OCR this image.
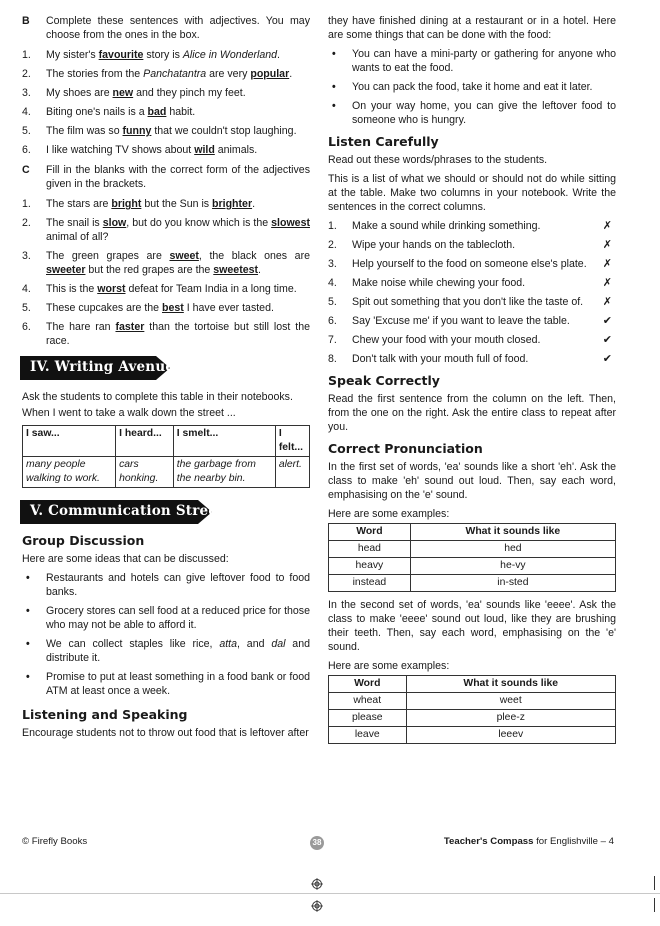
B Complete these sentences with adjectives. You may choose from the ones in the box.
1. My sister's favourite story is Alice in Wonderland.
2. The stories from the Panchatantra are very popular.
3. My shoes are new and they pinch my feet.
4. Biting one's nails is a bad habit.
5. The film was so funny that we couldn't stop laughing.
6. I like watching TV shows about wild animals.
C Fill in the blanks with the correct form of the adjectives given in the brackets.
1. The stars are bright but the Sun is brighter.
2. The snail is slow, but do you know which is the slowest animal of all?
3. The green grapes are sweet, the black ones are sweeter but the red grapes are the sweetest.
4. This is the worst defeat for Team India in a long time.
5. These cupcakes are the best I have ever tasted.
6. The hare ran faster than the tortoise but still lost the race.
IV. Writing Avenue
Ask the students to complete this table in their notebooks.
When I went to take a walk down the street ...
I saw...	I heard...	I smelt...	I felt...
many people walking to work.	cars honking.	the garbage from the nearby bin.	alert.
V. Communication Street
Group Discussion
Here are some ideas that can be discussed:
• Restaurants and hotels can give leftover food to food banks.
• Grocery stores can sell food at a reduced price for those who may not be able to afford it.
• We can collect staples like rice, atta, and dal and distribute it.
• Promise to put at least something in a food bank or food ATM at least once a week.
Listening and Speaking
Encourage students not to throw out food that is leftover after
they have finished dining at a restaurant or in a hotel. Here are some things that can be done with the food:
• You can have a mini-party or gathering for anyone who wants to eat the food.
• You can pack the food, take it home and eat it later.
• On your way home, you can give the leftover food to someone who is hungry.
Listen Carefully
Read out these words/phrases to the students.
This is a list of what we should or should not do while sitting at the table. Make two columns in your notebook. Write the sentences in the correct columns.
1. Make a sound while drinking something.	✗
2. Wipe your hands on the tablecloth.	✗
3. Help yourself to the food on someone else's plate. ✗
4. Make noise while chewing your food.	✗
5. Spit out something that you don't like the taste of. ✗
6. Say 'Excuse me' if you want to leave the table.	✔
7. Chew your food with your mouth closed.	✔
8. Don't talk with your mouth full of food.	✔
Speak Correctly
Read the first sentence from the column on the left. Then, from the one on the right. Ask the entire class to repeat after you.
Correct Pronunciation
In the first set of words, 'ea' sounds like a short 'eh'. Ask the class to make 'eh' sound out loud. Then, say each word, emphasising on the 'e' sound.
Here are some examples:
Word	What it sounds like
head	hed
heavy	he-vy
instead	in-sted
In the second set of words, 'ea' sounds like 'eeee'. Ask the class to make 'eeee' sound out loud, like they are brushing their teeth. Then, say each word, emphasising on the 'e' sound.
Here are some examples:
Word	What it sounds like
wheat	weet
please	plee-z
leave	leeev
© Firefly Books	38	Teacher's Compass for Englishville – 4
